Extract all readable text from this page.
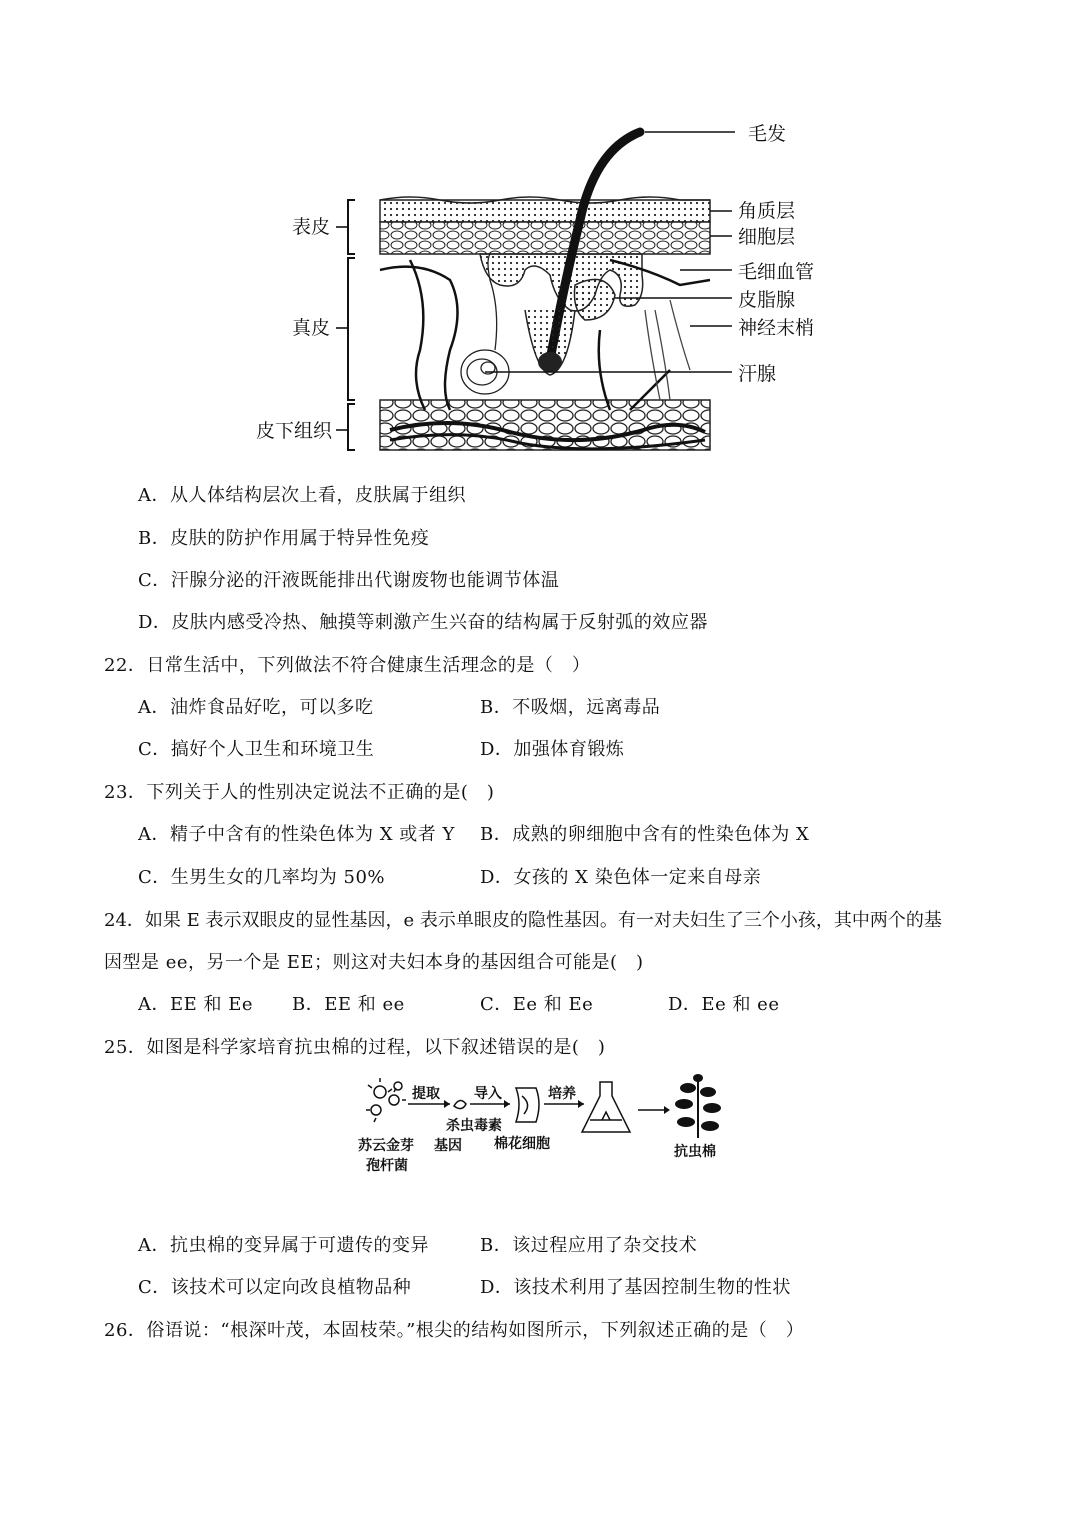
毛发
角质层
细胞层
毛细血管
皮脂腺
神经末梢
汗腺
表皮
真皮
皮下组织
A．从人体结构层次上看，皮肤属于组织
B．皮肤的防护作用属于特异性免疫
C．汗腺分泌的汗液既能排出代谢废物也能调节体温
D．皮肤内感受冷热、触摸等刺激产生兴奋的结构属于反射弧的效应器
22．日常生活中，下列做法不符合健康生活理念的是（　）
A．油炸食品好吃，可以多吃	B．不吸烟，远离毒品
C．搞好个人卫生和环境卫生	D．加强体育锻炼
23．下列关于人的性别决定说法不正确的是(　)
A．精子中含有的性染色体为 X 或者 Y B．成熟的卵细胞中含有的性染色体为 X
C．生男生女的几率均为 50%	D．女孩的 X 染色体一定来自母亲
24．如果 E 表示双眼皮的显性基因，e 表示单眼皮的隐性基因。有一对夫妇生了三个小孩，其中两个的基
因型是 ee，另一个是 EE；则这对夫妇本身的基因组合可能是(　)
A．EE 和 Ee B．EE 和 ee	C．Ee 和 Ee	D．Ee 和 ee
25．如图是科学家培育抗虫棉的过程，以下叙述错误的是(　)
苏云金芽
孢杆菌
提取
杀虫毒素
基因
导入
棉花细胞
培养
抗虫棉
A．抗虫棉的变异属于可遗传的变异	B．该过程应用了杂交技术
C．该技术可以定向改良植物品种	D．该技术利用了基因控制生物的性状
26．俗语说：“根深叶茂，本固枝荣。”根尖的结构如图所示，下列叙述正确的是（　）
